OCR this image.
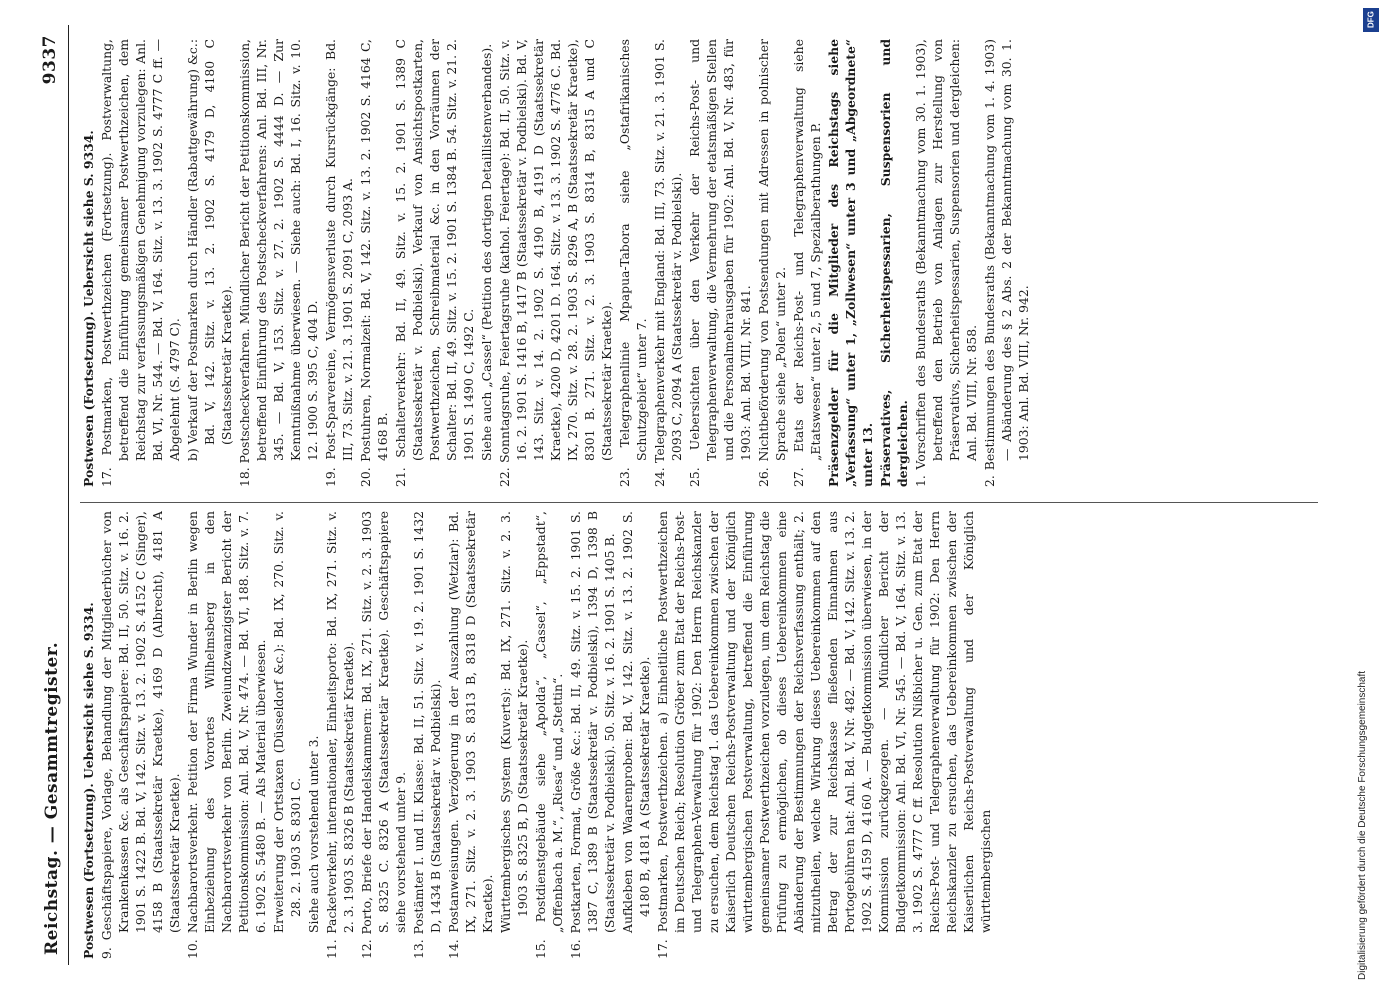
DFG
Digitalisierung gefördert durch die Deutsche Forschungsgemeinschaft
Reichstag. — Gesammtregister.
9337

Postwesen (Fortsetzung). Uebersicht siehe S. 9334. 9. Geschäftspapiere, Vorlage, Behandlung der Mitgliederbücher von Krankenkassen &c. als Geschäftspapiere: Bd. II, 50. Sitz. v. 16. 2. 1901 S. 1422 B. Bd. V, 142. Sitz. v. 13. 2. 1902 S. 4152 C (Singer), 4158 B (Staatssekretär Kraetke), 4169 D (Albrecht), 4181 A (Staatssekretär Kraetke). 10. Nachbarortsverkehr. Petition der Firma Wunder in Berlin wegen Einbeziehung des Vorortes Wilhelmsberg in den Nachbarortsverkehr von Berlin. Zweiundzwanzigster Bericht der Petitionskommission: Anl. Bd. V, Nr. 474. — Bd. VI, 188. Sitz. v. 7. 6. 1902 S. 5480 B. — Als Material überwiesen. Erweiterung der Ortstaxen (Düsseldorf &c.): Bd. IX, 270. Sitz. v. 28. 2. 1903 S. 8301 C. Siehe auch vorstehend unter 3. 11. Packetverkehr, internationaler, Einheitsporto: Bd. IX, 271. Sitz. v. 2. 3. 1903 S. 8326 B (Staatssekretär Kraetke). 12. Porto, Briefe der Handelskammern: Bd. IX, 271. Sitz. v. 2. 3. 1903 S. 8325 C. 8326 A (Staatssekretär Kraetke). Geschäftspapiere siehe vorstehend unter 9. 13. Postämter I. und II. Klasse: Bd. II, 51. Sitz. v. 19. 2. 1901 S. 1432 D, 1434 B (Staatssekretär v. Podbielski). 14. Postanweisungen. Verzögerung in der Auszahlung (Wetzlar): Bd. IX, 271. Sitz. v. 2. 3. 1903 S. 8313 B, 8318 D (Staatssekretär Kraetke). Württembergisches System (Kuverts): Bd. IX, 271. Sitz. v. 2. 3. 1903 S. 8325 B, D (Staatssekretär Kraetke). 15. Postdienstgebäude siehe „Apolda“, „Cassel“, „Eppstadt“, „Offenbach a. M.“, „Riesa“ und „Stettin“. 16. Postkarten, Format, Größe &c.: Bd. II, 49. Sitz. v. 15. 2. 1901 S. 1387 C, 1389 B (Staatssekretär v. Podbielski), 1394 D, 1398 B (Staatssekretär v. Podbielski). 50. Sitz. v. 16. 2. 1901 S. 1405 B. Aufkleben von Waarenproben: Bd. V, 142. Sitz. v. 13. 2. 1902 S. 4180 B, 4181 A (Staatssekretär Kraetke). 17. Postmarken, Postwerthzeichen. a) Einheitliche Postwerthzeichen im Deutschen Reich; Resolution Gröber zum Etat der Reichs-Post- und Telegraphen-Verwaltung für 1902: Den Herrn Reichskanzler zu ersuchen, dem Reichstag 1. das Uebereinkommen zwischen der Kaiserlich Deutschen Reichs-Postverwaltung und der Königlich württembergischen Postverwaltung, betreffend die Einführung gemeinsamer Postwerthzeichen vorzulegen, um dem Reichstag die Prüfung zu ermöglichen, ob dieses Uebereinkommen eine Abänderung der Bestimmungen der Reichsverfassung enthält; 2. mitzutheilen, welche Wirkung dieses Uebereinkommen auf den Betrag der zur Reichskasse fließenden Einnahmen aus Portogebühren hat: Anl. Bd. V, Nr. 482. — Bd. V, 142. Sitz. v. 13. 2. 1902 S. 4159 D, 4160 A. — Budgetkommission überwiesen, in der Kommission zurückgezogen. — Mündlicher Bericht der Budgetkommission: Anl. Bd. VI, Nr. 545. — Bd. V, 164. Sitz. v. 13. 3. 1902 S. 4777 C ff. Resolution Nißbicher u. Gen. zum Etat der Reichs-Post- und Telegraphenverwaltung für 1902: Den Herrn Reichskanzler zu ersuchen, das Uebereinkommen zwischen der Kaiserlichen Reichs-Postverwaltung und der Königlich württembergischen

Postwesen (Fortsetzung). Uebersicht siehe S. 9334. 17. Postmarken, Postwerthzeichen (Fortsetzung). Postverwaltung, betreffend die Einführung gemeinsamer Postwerthzeichen, dem Reichstag zur verfassungsmäßigen Genehmigung vorzulegen: Anl. Bd. VI, Nr. 544. — Bd. V, 164. Sitz. v. 13. 3. 1902 S. 4777 C ff. — Abgelehnt (S. 4797 C). b) Verkauf der Postmarken durch Händler (Rabattgewährung) &c.: Bd. V, 142. Sitz. v. 13. 2. 1902 S. 4179 D, 4180 C (Staatssekretär Kraetke). 18. Postscheckverfahren. Mündlicher Bericht der Petitionskommission, betreffend Einführung des Postscheckverfahrens: Anl. Bd. III, Nr. 345. — Bd. V, 153. Sitz. v. 27. 2. 1902 S. 4444 D. — Zur Kenntnißnahme überwiesen. — Siehe auch: Bd. I, 16. Sitz. v. 10. 12. 1900 S. 395 C, 404 D. 19. Post-Sparvereine, Vermögensverluste durch Kursrückgänge: Bd. III, 73. Sitz. v. 21. 3. 1901 S. 2091 C, 2093 A. 20. Postuhren, Normalzeit: Bd. V, 142. Sitz. v. 13. 2. 1902 S. 4164 C, 4168 B. 21. Schalterverkehr: Bd. II, 49. Sitz. v. 15. 2. 1901 S. 1389 C (Staatssekretär v. Podbielski). Verkauf von Ansichtspostkarten, Postwerthzeichen, Schreibmaterial &c. in den Vorräumen der Schalter: Bd. II, 49. Sitz. v. 15. 2. 1901 S. 1384 B. 54. Sitz. v. 21. 2. 1901 S. 1490 C, 1492 C. Siehe auch „Cassel“ (Petition des dortigen Detaillistenverbandes). 22. Sonntagsruhe, Feiertagsruhe (kathol. Feiertage): Bd. II, 50. Sitz. v. 16. 2. 1901 S. 1416 B, 1417 B (Staatssekretär v. Podbielski). Bd. V, 143. Sitz. v. 14. 2. 1902 S. 4190 B, 4191 D (Staatssekretär Kraetke), 4200 D, 4201 D. 164. Sitz. v. 13. 3. 1902 S. 4776 C. Bd. IX, 270. Sitz. v. 28. 2. 1903 S. 8296 A, B (Staatssekretär Kraetke), 8301 B. 271. Sitz. v. 2. 3. 1903 S. 8314 B, 8315 A und C (Staatssekretär Kraetke). 23. Telegraphenlinie Mpapua-Tabora siehe „Ostafrikanisches Schutzgebiet“ unter 7. 24. Telegraphenverkehr mit England: Bd. III, 73. Sitz. v. 21. 3. 1901 S. 2093 C, 2094 A (Staatssekretär v. Podbielski). 25. Uebersichten über den Verkehr der Reichs-Post- und Telegraphenverwaltung, die Vermehrung der etatsmäßigen Stellen und die Personalmehrausgaben für 1902: Anl. Bd. V, Nr. 483, für 1903: Anl. Bd. VIII, Nr. 841. 26. Nichtbeförderung von Postsendungen mit Adressen in polnischer Sprache siehe „Polen“ unter 2. 27. Etats der Reichs-Post- und Telegraphenverwaltung siehe „Etatswesen“ unter 2, 5 und 7, Spezialberathungen P. Präsenzgelder für die Mitglieder des Reichstags siehe „Verfassung“ unter 1, „Zollwesen“ unter 3 und „Abgeordnete“ unter 13. Präservatives, Sicherheitspessarien, Suspensorien und dergleichen. 1. Vorschriften des Bundesraths (Bekanntmachung vom 30. 1. 1903), betreffend den Betrieb von Anlagen zur Herstellung von Präservativs, Sicherheitspessarien, Suspensorien und dergleichen: Anl. Bd. VIII, Nr. 858. 2. Bestimmungen des Bundesraths (Bekanntmachung vom 1. 4. 1903) — Abänderung des § 2 Abs. 2 der Bekanntmachung vom 30. 1. 1903: Anl. Bd. VIII, Nr. 942.
